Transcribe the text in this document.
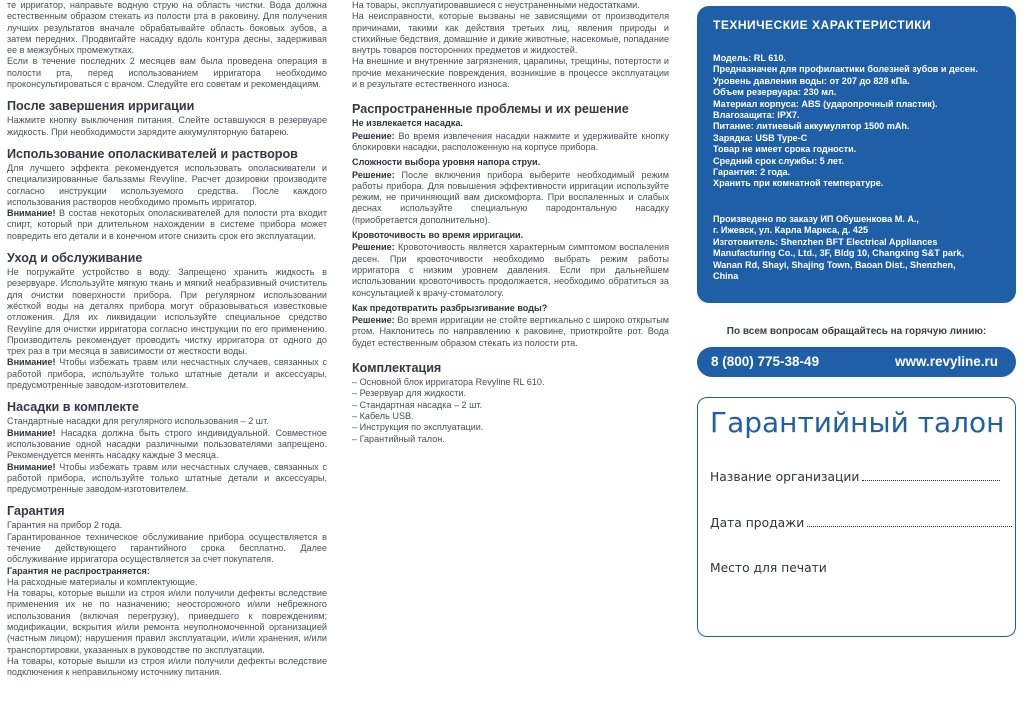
те ирригатор, направьте водную струю на область чистки. Вода должна естественным образом стекать из полости рта в раковину. Для получения лучших результатов вначале обрабатывайте область боковых зубов, а затем передних. Продвигайте насадку вдоль контура десны, задерживая ее в межзубных промежутках.

Если в течение последних 2 месяцев вам была проведена операция в полости рта, перед использованием ирригатора необходимо проконсультироваться с врачом. Следуйте его советам и рекомендациям.

После завершения ирригации

Нажмите кнопку выключения питания. Слейте оставшуюся в резервуаре жидкость. При необходимости зарядите аккумуляторную батарею.

Использование ополаскивателей и растворов

Для лучшего эффекта рекомендуется использовать ополаскиватели и специализированные бальзамы Revyline. Расчет дозировки производите согласно инструкции используемого средства. После каждого использования растворов необходимо промыть ирригатор.

Внимание! В состав некоторых ополаскивателей для полости рта входит спирт, который при длительном нахождении в системе прибора может повредить его детали и в конечном итоге снизить срок его эксплуатации.

Уход и обслуживание

Не погружайте устройство в воду. Запрещено хранить жидкость в резервуаре. Используйте мягкую ткань и мягкий неабразивный очиститель для очистки поверхности прибора. При регулярном использовании жёсткой воды на деталях прибора могут образовываться известковые отложения. Для их ликвидации используйте специальное средство Revyline для очистки ирригатора согласно инструкции по его применению. Производитель рекомендует проводить чистку ирригатора от одного до трех раз в три месяца в зависимости от жесткости воды.

Внимание! Чтобы избежать травм или несчастных случаев, связанных с работой прибора, используйте только штатные детали и аксессуары, предусмотренные заводом-изготовителем.

Насадки в комплекте

Стандартные насадки для регулярного использования – 2 шт.

Внимание! Насадка должна быть строго индивидуальной. Совместное использование одной насадки различными пользователями запрещено. Рекомендуется менять насадку каждые 3 месяца.

Внимание! Чтобы избежать травм или несчастных случаев, связанных с работой прибора, используйте только штатные детали и аксессуары, предусмотренные заводом-изготовителем.

Гарантия

Гарантия на прибор 2 года.

Гарантированное техническое обслуживание прибора осуществляется в течение действующего гарантийного срока бесплатно. Далее обслуживание ирригатора осуществляется за счет покупателя.

Гарантия не распространяется:

На расходные материалы и комплектующие.

На товары, которые вышли из строя и/или получили дефекты вследствие применения их не по назначению; неосторожного и/или небрежного использования (включая перегрузку), приведшего к повреждениям; модификации, вскрытия и/или ремонта неуполномоченной организацией (частным лицом); нарушения правил эксплуатации, и/или хранения, и/или транспортировки, указанных в руководстве по эксплуатации.

На товары, которые вышли из строя и/или получили дефекты вследствие подключения к неправильному источнику питания.

На товары, эксплуатировавшиеся с неустраненными недостатками.

На неисправности, которые вызваны не зависящими от производителя причинами, такими как действия третьих лиц, явления природы и стихийные бедствия, домашние и дикие животные, насекомые, попадание внутрь товаров посторонних предметов и жидкостей.

На внешние и внутренние загрязнения, царапины, трещины, потертости и прочие механические повреждения, возникшие в процессе эксплуатации и в результате естественного износа.

Распространенные проблемы и их решение
Не извлекается насадка.

Решение: Во время извлечения насадки нажмите и удерживайте кнопку блокировки насадки, расположенную на корпусе прибора.

Сложности выбора уровня напора струи.

Решение: После включения прибора выберите необходимый режим работы прибора. Для повышения эффективности ирригации используйте режим, не причиняющий вам дискомфорта. При воспаленных и слабых деснах используйте специальную пародонтальную насадку (приобретается дополнительно).

Кровоточивость во время ирригации.

Решение: Кровоточивость является характерным симптомом воспаления десен. При кровоточивости необходимо выбрать режим работы ирригатора с низким уровнем давления. Если при дальнейшем использовании кровоточивость продолжается, необходимо обратиться за консультацией к врачу-стоматологу.

Как предотвратить разбрызгивание воды?

Решение: Во время ирригации не стойте вертикально с широко открытым ртом. Наклонитесь по направлению к раковине, приоткройте рот. Вода будет естественным образом стекать из полости рта.

Комплектация

– Основной блок ирригатора Revyline RL 610.

– Резервуар для жидкости.

– Стандартная насадка – 2 шт.

– Кабель USB.

– Инструкция по эксплуатации.

– Гарантийный талон.

ТЕХНИЧЕСКИЕ ХАРАКТЕРИСТИКИ
Модель: RL 610.
Предназначен для профилактики болезней зубов и десен.
Уровень давления воды: от 207 до 828 кПа.
Объем резервуара: 230 мл.
Материал корпуса: ABS (ударопрочный пластик).
Влагозащита: IPX7.
Питание: литиевый аккумулятор 1500 mAh.
Зарядка: USB Type-C
Товар не имеет срока годности.
Средний срок службы: 5 лет.
Гарантия: 2 года.
Хранить при комнатной температуре.
Произведено по заказу ИП Обушенкова М. А.,
г. Ижевск, ул. Карла Маркса, д. 425
Изготовитель: Shenzhen BFT Electrical Appliances
Manufacturing Co., Ltd., 3F, Bldg 10, Changxing S&T park,
Wanan Rd, Shayi, Shajing Town, Baoan Dist., Shenzhen,
China
По всем вопросам обращайтесь на горячую линию:
8 (800) 775-38-49	www.revyline.ru
Гарантийный талон
Название организации
Дата продажи
Место для печати
